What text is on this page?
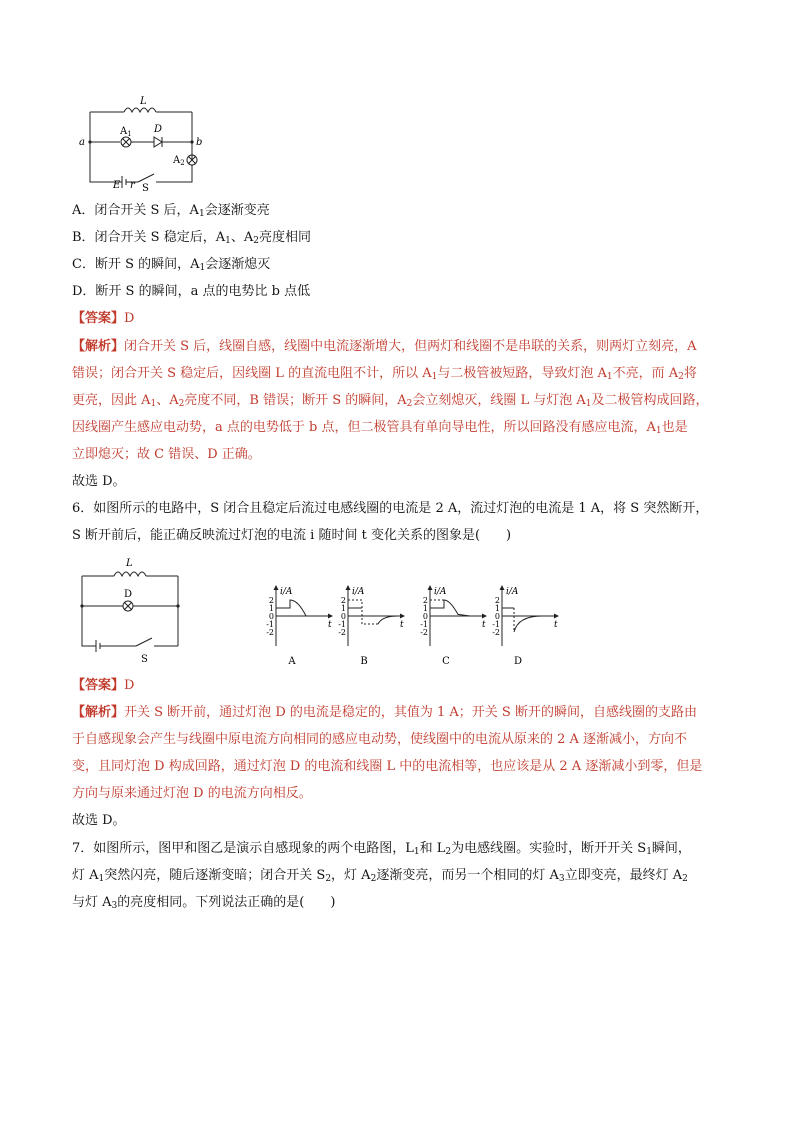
L
$A_1$ D
a	b
$A_2$
E r S
A．闭合开关 S 后，$A_1$会逐渐变亮
B．闭合开关 S 稳定后，$A_1$、$A_2$亮度相同
C．断开 S 的瞬间，$A_1$会逐渐熄灭
D．断开 S 的瞬间，a 点的电势比 b 点低
【答案】D
【解析】闭合开关 S 后，线圈自感，线圈中电流逐渐增大，但两灯和线圈不是串联的关系，则两灯立刻亮，A
错误；闭合开关 S 稳定后，因线圈 L 的直流电阻不计，所以 $A_1$与二极管被短路，导致灯泡 $A_1$不亮，而 $A_2$将
更亮，因此 $A_1$、$A_2$亮度不同，B 错误；断开 S 的瞬间，$A_2$会立刻熄灭，线圈 L 与灯泡 $A_1$及二极管构成回路，
因线圈产生感应电动势，a 点的电势低于 b 点，但二极管具有单向导电性，所以回路没有感应电流，$A_1$也是
立即熄灭；故 C 错误、D 正确。
故选 D。
6．如图所示的电路中，S 闭合且稳定后流过电感线圈的电流是 2 A，流过灯泡的电流是 1 A，将 S 突然断开，
S 断开前后，能正确反映流过灯泡的电流 i 随时间 t 变化关系的图象是(　　)
L
D
S
i/A
t
2
1
0
-1
-2
A
i/A
t
2
1
0
-1
-2
B
i/A
t
2
1
0
-1
-2
C
i/A
t
2
1
0
-1
-2
D
【答案】D
【解析】开关 S 断开前，通过灯泡 D 的电流是稳定的，其值为 1 A；开关 S 断开的瞬间，自感线圈的支路由
于自感现象会产生与线圈中原电流方向相同的感应电动势，使线圈中的电流从原来的 2 A 逐渐减小，方向不
变，且同灯泡 D 构成回路，通过灯泡 D 的电流和线圈 L 中的电流相等，也应该是从 2 A 逐渐减小到零，但是
方向与原来通过灯泡 D 的电流方向相反。
故选 D。
7．如图所示，图甲和图乙是演示自感现象的两个电路图，$L_1$和 $L_2$为电感线圈。实验时，断开开关 $S_1$瞬间，
灯 $A_1$突然闪亮，随后逐渐变暗；闭合开关 $S_2$，灯 $A_2$逐渐变亮，而另一个相同的灯 $A_3$立即变亮，最终灯 $A_2$
与灯 $A_3$的亮度相同。下列说法正确的是(　　)
